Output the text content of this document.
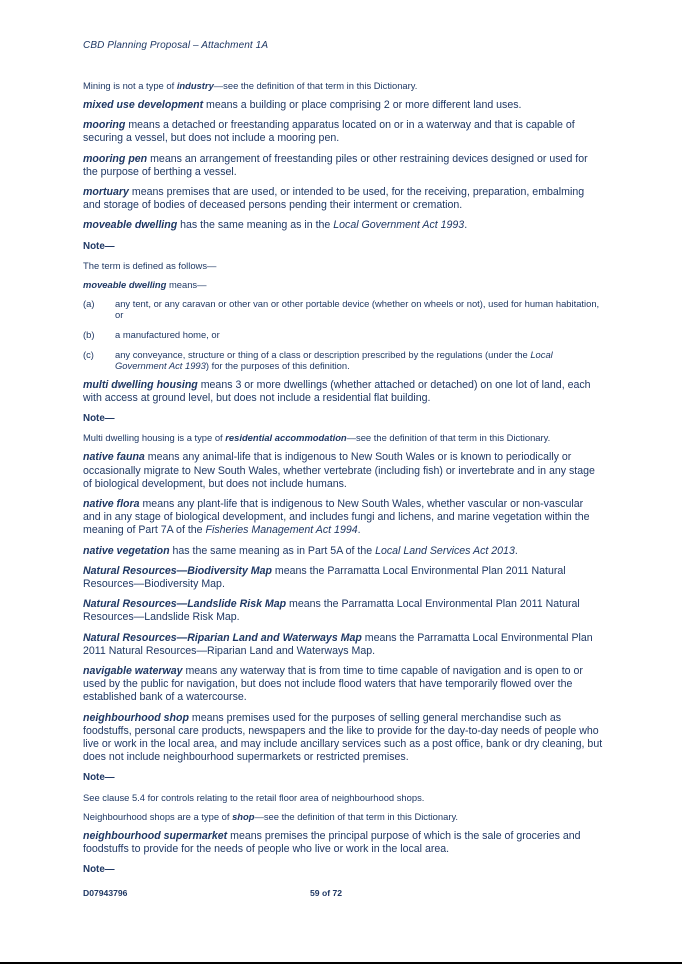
CBD Planning Proposal – Attachment 1A

Mining is not a type of industry—see the definition of that term in this Dictionary.

mixed use development means a building or place comprising 2 or more different land uses.

mooring means a detached or freestanding apparatus located on or in a waterway and that is capable of securing a vessel, but does not include a mooring pen.

mooring pen means an arrangement of freestanding piles or other restraining devices designed or used for the purpose of berthing a vessel.

mortuary means premises that are used, or intended to be used, for the receiving, preparation, embalming and storage of bodies of deceased persons pending their interment or cremation.

moveable dwelling has the same meaning as in the Local Government Act 1993.

Note—

The term is defined as follows—

moveable dwelling means—

(a)	any tent, or any caravan or other van or other portable device (whether on wheels or not), used for human habitation, or
(b)	a manufactured home, or
(c)	any conveyance, structure or thing of a class or description prescribed by the regulations (under the Local Government Act 1993) for the purposes of this definition.

multi dwelling housing means 3 or more dwellings (whether attached or detached) on one lot of land, each with access at ground level, but does not include a residential flat building.

Note—

Multi dwelling housing is a type of residential accommodation—see the definition of that term in this Dictionary.

native fauna means any animal-life that is indigenous to New South Wales or is known to periodically or occasionally migrate to New South Wales, whether vertebrate (including fish) or invertebrate and in any stage of biological development, but does not include humans.

native flora means any plant-life that is indigenous to New South Wales, whether vascular or non-vascular and in any stage of biological development, and includes fungi and lichens, and marine vegetation within the meaning of Part 7A of the Fisheries Management Act 1994.

native vegetation has the same meaning as in Part 5A of the Local Land Services Act 2013.

Natural Resources—Biodiversity Map means the Parramatta Local Environmental Plan 2011 Natural Resources—Biodiversity Map.

Natural Resources—Landslide Risk Map means the Parramatta Local Environmental Plan 2011 Natural Resources—Landslide Risk Map.

Natural Resources—Riparian Land and Waterways Map means the Parramatta Local Environmental Plan 2011 Natural Resources—Riparian Land and Waterways Map.

navigable waterway means any waterway that is from time to time capable of navigation and is open to or used by the public for navigation, but does not include flood waters that have temporarily flowed over the established bank of a watercourse.

neighbourhood shop means premises used for the purposes of selling general merchandise such as foodstuffs, personal care products, newspapers and the like to provide for the day-to-day needs of people who live or work in the local area, and may include ancillary services such as a post office, bank or dry cleaning, but does not include neighbourhood supermarkets or restricted premises.

Note—

See clause 5.4 for controls relating to the retail floor area of neighbourhood shops.

Neighbourhood shops are a type of shop—see the definition of that term in this Dictionary.

neighbourhood supermarket means premises the principal purpose of which is the sale of groceries and foodstuffs to provide for the needs of people who live or work in the local area.

Note—

D07943796	59 of 72
